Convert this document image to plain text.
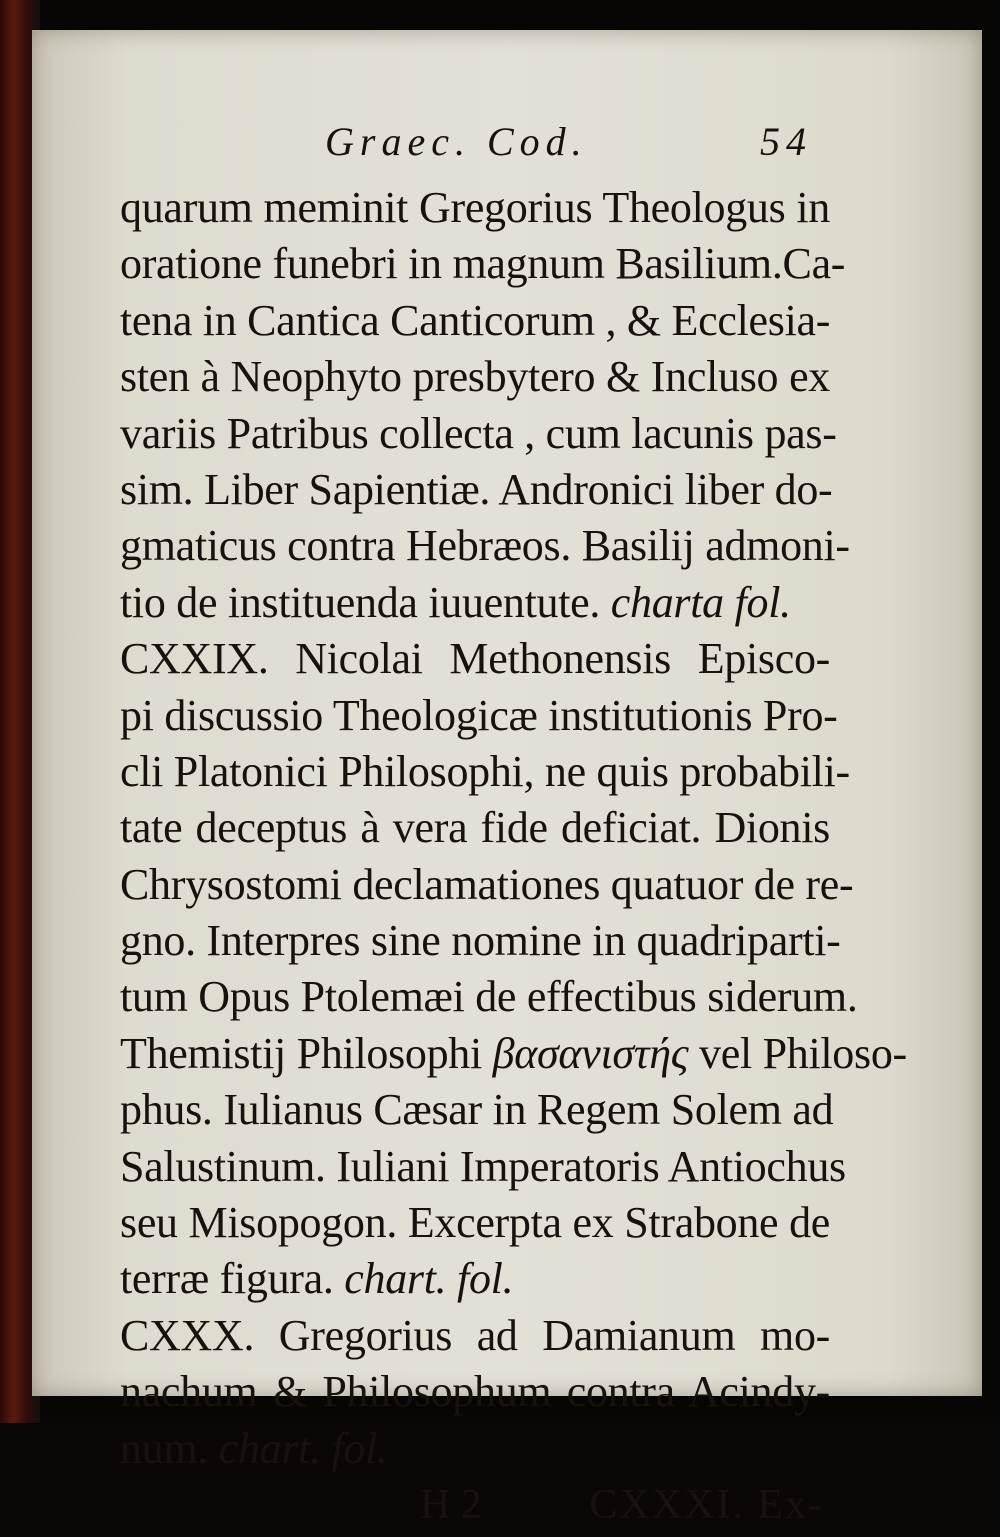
Graec. Cod.	54
quarum meminit Gregorius Theologus in
oratione funebri in magnum Basilium.Ca-
tena in Cantica Canticorum , & Ecclesia-
sten à Neophyto presbytero & Incluso ex
variis Patribus collecta , cum lacunis pas-
sim. Liber Sapientiæ. Andronici liber do-
gmaticus contra Hebræos. Basilij admoni-
tio de instituenda iuuentute. charta fol.
CXXIX. Nicolai Methonensis Episco-
pi discussio Theologicæ institutionis Pro-
cli Platonici Philosophi, ne quis probabili-
tate deceptus à vera fide deficiat. Dionis
Chrysostomi declamationes quatuor de re-
gno. Interpres sine nomine in quadriparti-
tum Opus Ptolemæi de effectibus siderum.
Themistij Philosophi βασανιστής vel Philoso-
phus. Iulianus Cæsar in Regem Solem ad
Salustinum. Iuliani Imperatoris Antiochus
seu Misopogon. Excerpta ex Strabone de
terræ figura. chart. fol.
CXXX. Gregorius ad Damianum mo-
nachum & Philosophum contra Acindy-
num. chart. fol.
H 2	CXXXI. Ex-
